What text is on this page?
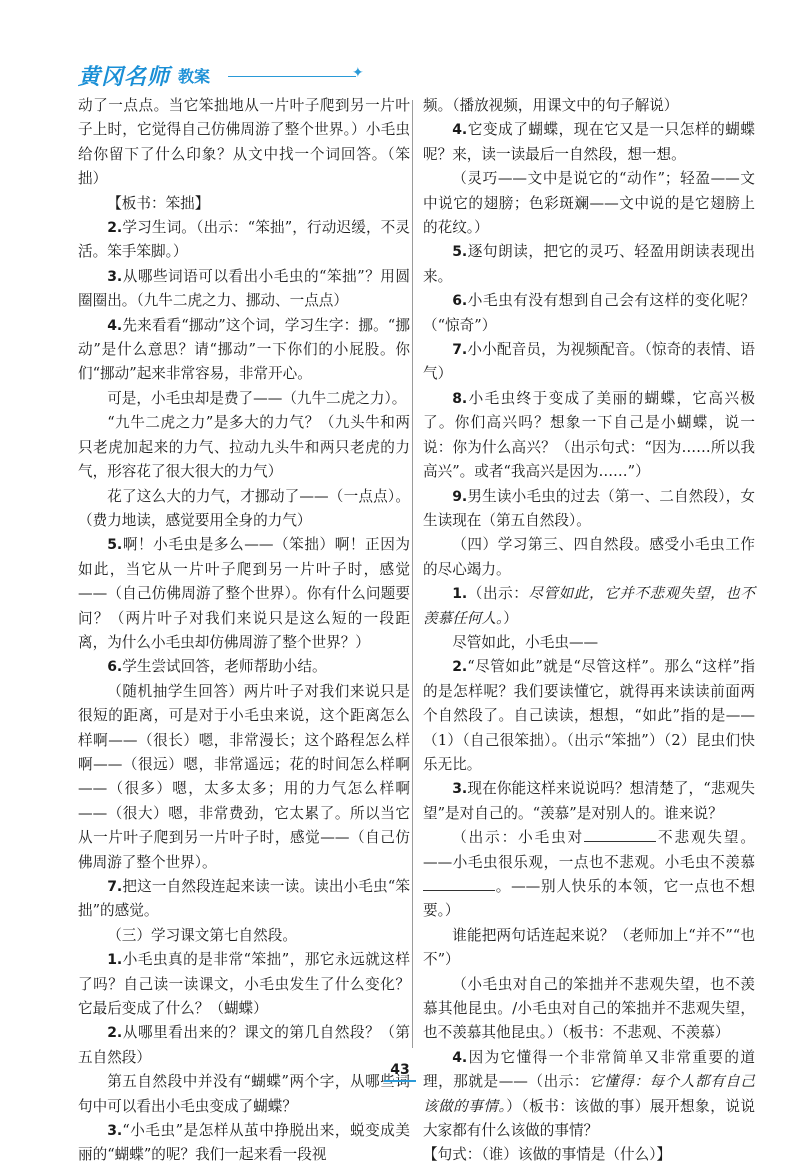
黄冈名师 教案	✦

动了一点点。当它笨拙地从一片叶子爬到另一片叶子上时，它觉得自己仿佛周游了整个世界。）小毛虫给你留下了什么印象？从文中找一个词回答。（笨拙）

【板书：笨拙】

2.学习生词。（出示：“笨拙”，行动迟缓，不灵活。笨手笨脚。）

3.从哪些词语可以看出小毛虫的“笨拙”？用圆圈圈出。（九牛二虎之力、挪动、一点点）

4.先来看看“挪动”这个词，学习生字：挪。“挪动”是什么意思？请“挪动”一下你们的小屁股。你们“挪动”起来非常容易，非常开心。

可是，小毛虫却是费了——（九牛二虎之力）。

“九牛二虎之力”是多大的力气？（九头牛和两只老虎加起来的力气、拉动九头牛和两只老虎的力气，形容花了很大很大的力气）

花了这么大的力气，才挪动了——（一点点）。（费力地读，感觉要用全身的力气）

5.啊！小毛虫是多么——（笨拙）啊！正因为如此，当它从一片叶子爬到另一片叶子时，感觉——（自己仿佛周游了整个世界）。你有什么问题要问？（两片叶子对我们来说只是这么短的一段距离，为什么小毛虫却仿佛周游了整个世界？）

6.学生尝试回答，老师帮助小结。

（随机抽学生回答）两片叶子对我们来说只是很短的距离，可是对于小毛虫来说，这个距离怎么样啊——（很长）嗯，非常漫长；这个路程怎么样啊——（很远）嗯，非常遥远；花的时间怎么样啊——（很多）嗯，太多太多；用的力气怎么样啊——（很大）嗯，非常费劲，它太累了。所以当它从一片叶子爬到另一片叶子时，感觉——（自己仿佛周游了整个世界）。

7.把这一自然段连起来读一读。读出小毛虫“笨拙”的感觉。

（三）学习课文第七自然段。

1.小毛虫真的是非常“笨拙”，那它永远就这样了吗？自己读一读课文，小毛虫发生了什么变化？它最后变成了什么？（蝴蝶）

2.从哪里看出来的？课文的第几自然段？（第五自然段）

第五自然段中并没有“蝴蝶”两个字，从哪些词句中可以看出小毛虫变成了蝴蝶？

3.“小毛虫”是怎样从茧中挣脱出来，蜕变成美丽的“蝴蝶”的呢？我们一起来看一段视

频。（播放视频，用课文中的句子解说）

4.它变成了蝴蝶，现在它又是一只怎样的蝴蝶呢？来，读一读最后一自然段，想一想。

（灵巧——文中是说它的“动作”；轻盈——文中说它的翅膀；色彩斑斓——文中说的是它翅膀上的花纹。）

5.逐句朗读，把它的灵巧、轻盈用朗读表现出来。

6.小毛虫有没有想到自己会有这样的变化呢？（“惊奇”）

7.小小配音员，为视频配音。（惊奇的表情、语气）

8.小毛虫终于变成了美丽的蝴蝶，它高兴极了。你们高兴吗？想象一下自己是小蝴蝶，说一说：你为什么高兴？（出示句式：“因为……所以我高兴”。或者“我高兴是因为……”）

9.男生读小毛虫的过去（第一、二自然段），女生读现在（第五自然段）。

（四）学习第三、四自然段。感受小毛虫工作的尽心竭力。

1.（出示：尽管如此，它并不悲观失望，也不羡慕任何人。）

尽管如此，小毛虫——

2.“尽管如此”就是“尽管这样”。那么“这样”指的是怎样呢？我们要读懂它，就得再来读读前面两个自然段了。自己读读，想想，“如此”指的是——（1）（自己很笨拙）。（出示“笨拙”）（2）昆虫们快乐无比。

3.现在你能这样来说说吗？想清楚了，“悲观失望”是对自己的。“羡慕”是对别人的。谁来说？

（出示：小毛虫对	不悲观失望。——小毛虫很乐观，一点也不悲观。小毛虫不羡慕。——别人快乐的本领，它一点也不想要。）

谁能把两句话连起来说？（老师加上“并不”“也不”）

（小毛虫对自己的笨拙并不悲观失望，也不羡慕其他昆虫。/小毛虫对自己的笨拙并不悲观失望，也不羡慕其他昆虫。）（板书：不悲观、不羡慕）

4.因为它懂得一个非常简单又非常重要的道理，那就是——（出示：它懂得：每个人都有自己该做的事情。）（板书：该做的事）展开想象，说说大家都有什么该做的事情？

【句式：（谁）该做的事情是（什么）】

43
